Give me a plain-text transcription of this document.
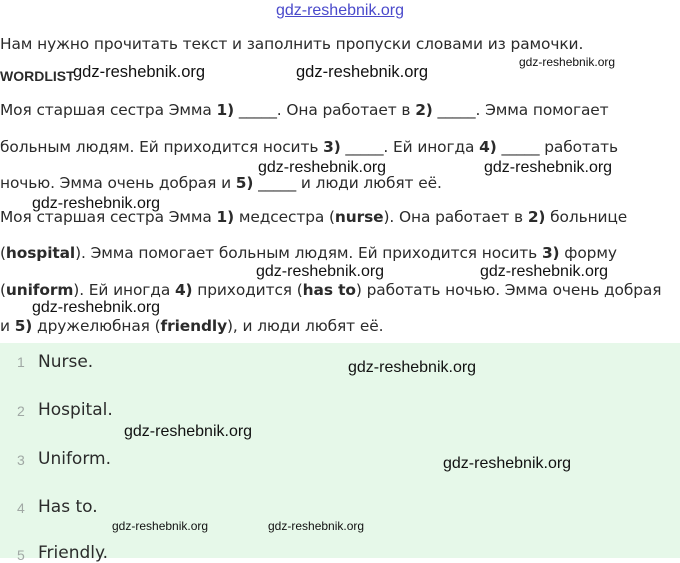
gdz-reshebnik.org
Нам нужно прочитать текст и заполнить пропуски словами из рамочки.
WORDLIST
Моя старшая сестра Эмма 1) _____. Она работает в 2) _____. Эмма помогает
больным людям. Ей приходится носить 3) _____. Ей иногда 4) _____ работать
ночью. Эмма очень добрая и 5) _____ и люди любят её.
Моя старшая сестра Эмма 1) медсестра (nurse). Она работает в 2) больнице
(hospital). Эмма помогает больным людям. Ей приходится носить 3) форму
(uniform). Ей иногда 4) приходится (has to) работать ночью. Эмма очень добрая
и 5) дружелюбная (friendly), и люди любят её.
1 Nurse.
2 Hospital.
3 Uniform.
4 Has to.
5 Friendly.
gdz-reshebnik.org	gdz-reshebnik.org
gdz-reshebnik.org
gdz-reshebnik.org	gdz-reshebnik.org
gdz-reshebnik.org
gdz-reshebnik.org	gdz-reshebnik.org
gdz-reshebnik.org
gdz-reshebnik.org
gdz-reshebnik.org
gdz-reshebnik.org
gdz-reshebnik.org	gdz-reshebnik.org
